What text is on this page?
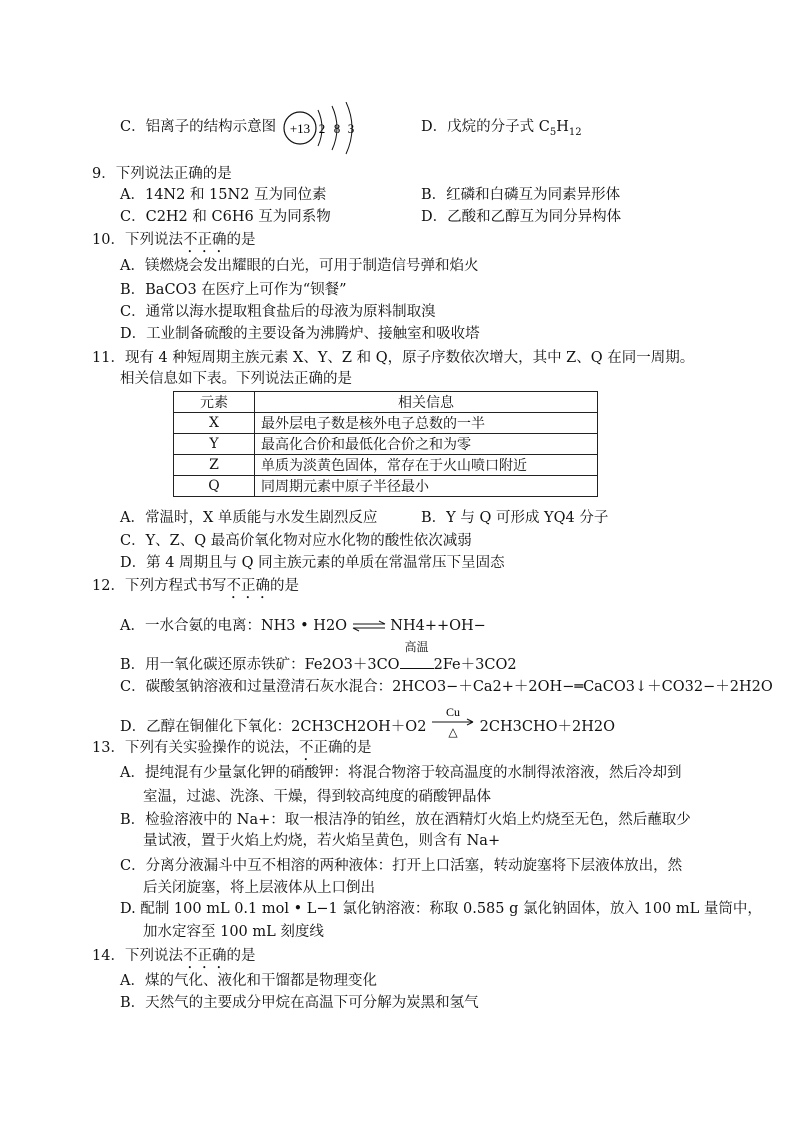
C．铝离子的结构示意图 +13 2 8 3	D．戊烷的分子式 $C_5H_{12}$
9．下列说法正确的是
A．14N2 和 15N2 互为同位素	B．红磷和白磷互为同素异形体
C．C2H2 和 C6H6 互为同系物	D．乙酸和乙醇互为同分异构体
10．下列说法不正确的是
A．镁燃烧会发出耀眼的白光，可用于制造信号弹和焰火
B．BaCO3 在医疗上可作为“钡餐”
C．通常以海水提取粗食盐后的母液为原料制取溴
D．工业制备硫酸的主要设备为沸腾炉、接触室和吸收塔
11．现有 4 种短周期主族元素 X、Y、Z 和 Q，原子序数依次增大，其中 Z、Q 在同一周期。
相关信息如下表。下列说法正确的是
元素	相关信息
X	最外层电子数是核外电子总数的一半
Y	最高化合价和最低化合价之和为零
Z	单质为淡黄色固体，常存在于火山喷口附近
Q	同周期元素中原子半径最小
A．常温时，X 单质能与水发生剧烈反应	B．Y 与 Q 可形成 YQ4 分子
C．Y、Z、Q 最高价氧化物对应水化物的酸性依次减弱
D．第 4 周期且与 Q 同主族元素的单质在常温常压下呈固态
12．下列方程式书写不正确的是
A．一水合氨的电离：NH3 • H2O ⇌ NH4++OH−
B．用一氧化碳还原赤铁矿：Fe2O3＋3CO
高温
2Fe＋3CO2
C．碳酸氢钠溶液和过量澄清石灰水混合：2HCO3−＋Ca2+＋2OH−═CaCO3↓＋CO32−＋2H2O
D．乙醇在铜催化下氧化：2CH3CH2OH＋O2
Cu
△ 2CH3CHO＋2H2O
13．下列有关实验操作的说法，不正确的是
A．提纯混有少量氯化钾的硝酸钾：将混合物溶于较高温度的水制得浓溶液，然后冷却到
室温，过滤、洗涤、干燥，得到较高纯度的硝酸钾晶体
B．检验溶液中的 Na+：取一根洁净的铂丝，放在酒精灯火焰上灼烧至无色，然后蘸取少
量试液，置于火焰上灼烧，若火焰呈黄色，则含有 Na+
C．分离分液漏斗中互不相溶的两种液体：打开上口活塞，转动旋塞将下层液体放出，然
后关闭旋塞，将上层液体从上口倒出
D. 配制 100 mL 0.1 mol • L−1 氯化钠溶液：称取 0.585 g 氯化钠固体，放入 100 mL 量筒中，
加水定容至 100 mL 刻度线
14．下列说法不正确的是
A．煤的气化、液化和干馏都是物理变化
B．天然气的主要成分甲烷在高温下可分解为炭黑和氢气
